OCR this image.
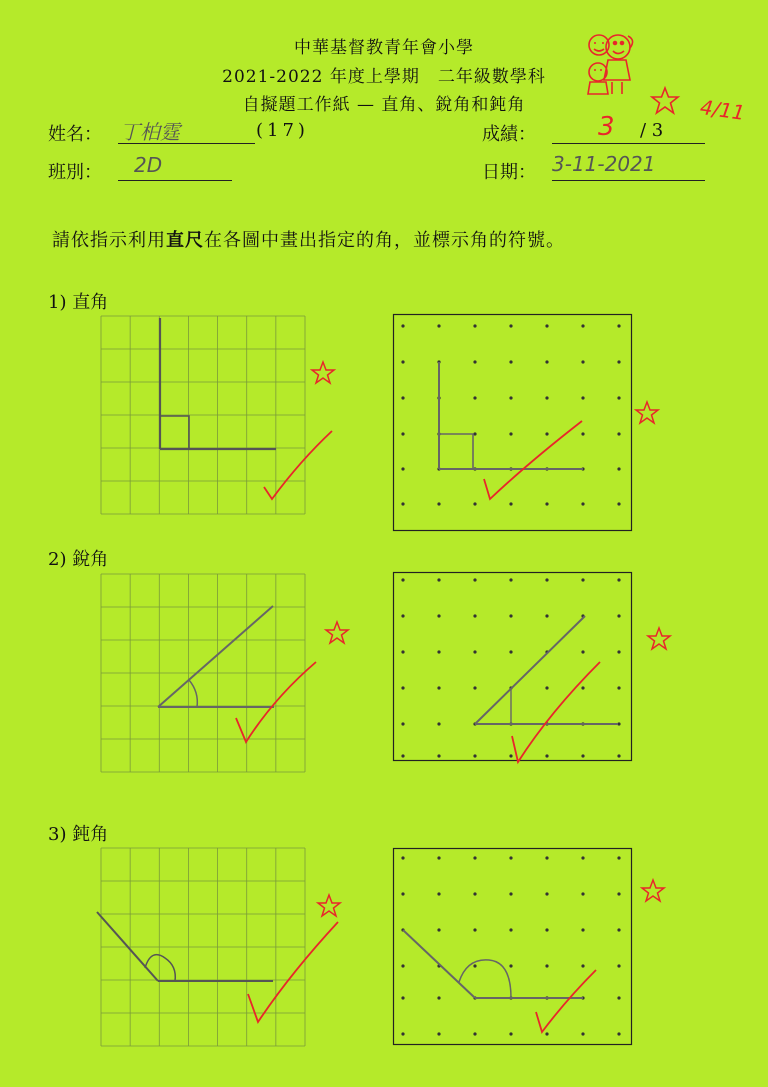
中華基督教青年會小學
2021-2022 年度上學期　二年級數學科
自擬題工作紙 — 直角、銳角和鈍角	4/11
姓名： 丁柏霆	(17)
班別： 2D
成績： 3 / 3
日期： 3-11-2021
請依指示利用直尺在各圖中畫出指定的角，並標示角的符號。
1) 直角
2) 銳角
3) 鈍角
